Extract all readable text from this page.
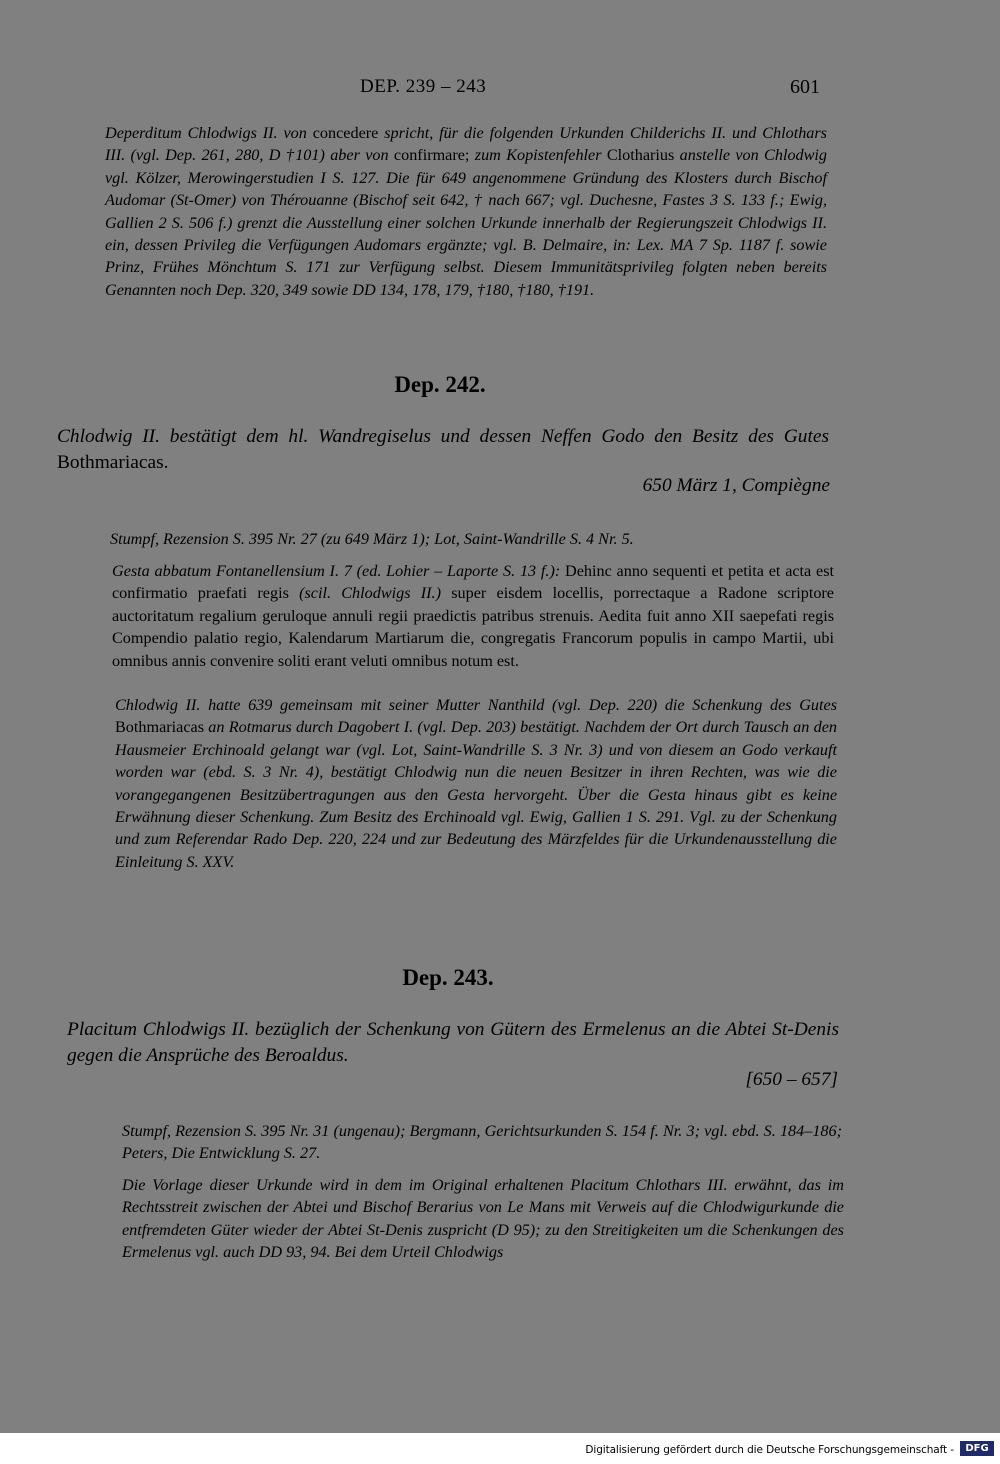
DEP. 239 – 243	601
Deperditum Chlodwigs II. von concedere spricht, für die folgenden Urkunden Childerichs II. und Chlothars III. (vgl. Dep. 261, 280, D †101) aber von confirmare; zum Kopistenfehler Clotharius anstelle von Chlodwig vgl. Kölzer, Merowingerstudien I S. 127. Die für 649 angenommene Gründung des Klosters durch Bischof Audomar (St-Omer) von Thérouanne (Bischof seit 642, † nach 667; vgl. Duchesne, Fastes 3 S. 133 f.; Ewig, Gallien 2 S. 506 f.) grenzt die Ausstellung einer solchen Urkunde innerhalb der Regierungszeit Chlodwigs II. ein, dessen Privileg die Verfügungen Audomars ergänzte; vgl. B. Delmaire, in: Lex. MA 7 Sp. 1187 f. sowie Prinz, Frühes Mönchtum S. 171 zur Verfügung selbst. Diesem Immunitätsprivileg folgten neben bereits Genannten noch Dep. 320, 349 sowie DD 134, 178, 179, †180, †180, †191.
Dep. 242.
Chlodwig II. bestätigt dem hl. Wandregiselus und dessen Neffen Godo den Besitz des Gutes Bothmariacas.
650 März 1, Compiègne
Stumpf, Rezension S. 395 Nr. 27 (zu 649 März 1); Lot, Saint-Wandrille S. 4 Nr. 5.
Gesta abbatum Fontanellensium I. 7 (ed. Lohier – Laporte S. 13 f.): Dehinc anno sequenti et petita et acta est confirmatio praefati regis (scil. Chlodwigs II.) super eisdem locellis, porrectaque a Radone scriptore auctoritatum regalium geruloque annuli regii praedictis patribus strenuis. Aedita fuit anno XII saepefati regis Compendio palatio regio, Kalendarum Martiarum die, congregatis Francorum populis in campo Martii, ubi omnibus annis convenire soliti erant veluti omnibus notum est.
Chlodwig II. hatte 639 gemeinsam mit seiner Mutter Nanthild (vgl. Dep. 220) die Schenkung des Gutes Bothmariacas an Rotmarus durch Dagobert I. (vgl. Dep. 203) bestätigt. Nachdem der Ort durch Tausch an den Hausmeier Erchinoald gelangt war (vgl. Lot, Saint-Wandrille S. 3 Nr. 3) und von diesem an Godo verkauft worden war (ebd. S. 3 Nr. 4), bestätigt Chlodwig nun die neuen Besitzer in ihren Rechten, was wie die vorangegangenen Besitzübertragungen aus den Gesta hervorgeht. Über die Gesta hinaus gibt es keine Erwähnung dieser Schenkung. Zum Besitz des Erchinoald vgl. Ewig, Gallien 1 S. 291. Vgl. zu der Schenkung und zum Referendar Rado Dep. 220, 224 und zur Bedeutung des Märzfeldes für die Urkundenausstellung die Einleitung S. XXV.
Dep. 243.
Placitum Chlodwigs II. bezüglich der Schenkung von Gütern des Ermelenus an die Abtei St-Denis gegen die Ansprüche des Beroaldus.
[650 – 657]
Stumpf, Rezension S. 395 Nr. 31 (ungenau); Bergmann, Gerichtsurkunden S. 154 f. Nr. 3; vgl. ebd. S. 184–186; Peters, Die Entwicklung S. 27.
Die Vorlage dieser Urkunde wird in dem im Original erhaltenen Placitum Chlothars III. erwähnt, das im Rechtsstreit zwischen der Abtei und Bischof Berarius von Le Mans mit Verweis auf die Chlodwigurkunde die entfremdeten Güter wieder der Abtei St-Denis zuspricht (D 95); zu den Streitigkeiten um die Schenkungen des Ermelenus vgl. auch DD 93, 94. Bei dem Urteil Chlodwigs
Digitalisierung gefördert durch die Deutsche Forschungsgemeinschaft -	DFG
